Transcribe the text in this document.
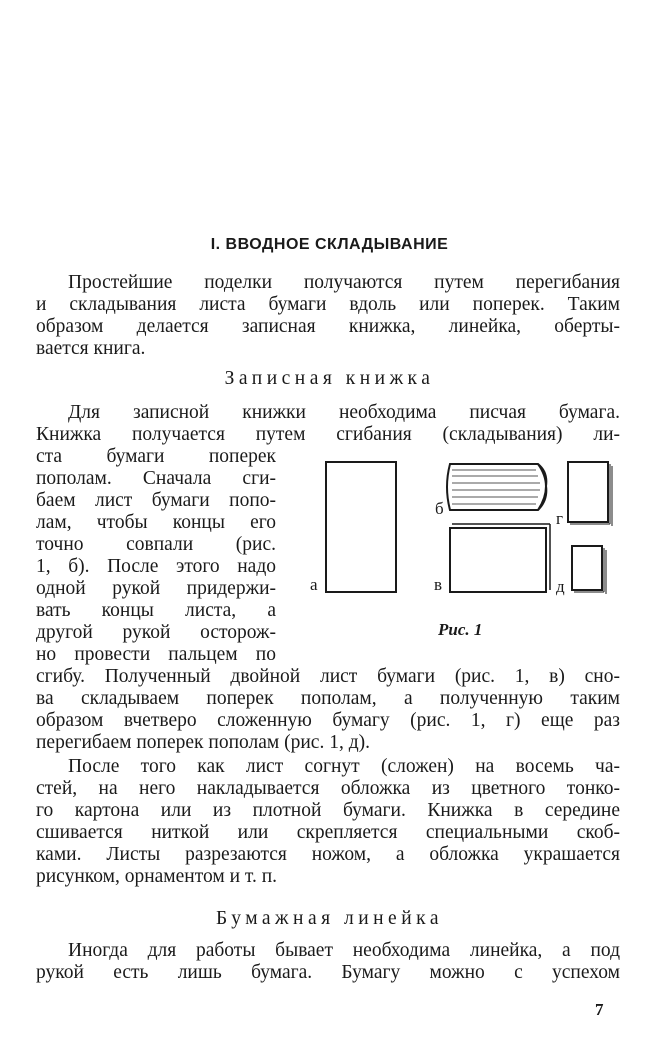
I. ВВОДНОЕ СКЛАДЫВАНИЕ
Простейшие поделки получаются путем перегибания
и складывания листа бумаги вдоль или поперек. Таким
образом делается записная книжка, линейка, оберты-
вается книга.
Записная книжка
Для записной книжки необходима писчая бумага.
Книжка получается путем сгибания (складывания) ли-
ста бумаги поперек
пополам. Сначала сги-
баем лист бумаги попо-
лам, чтобы концы его
точно совпали (рис.
1, б). После этого надо
одной рукой придержи-
вать концы листа, а
другой рукой осторож-
но провести пальцем по
сгибу. Полученный двойной лист бумаги (рис. 1, в) сно-
ва складываем поперек пополам, а полученную таким
образом вчетверо сложенную бумагу (рис. 1, г) еще раз
перегибаем поперек пополам (рис. 1, д).
а
б
в
г
д
Рис. 1
После того как лист согнут (сложен) на восемь ча-
стей, на него накладывается обложка из цветного тонко-
го картона или из плотной бумаги. Книжка в середине
сшивается ниткой или скрепляется специальными скоб-
ками. Листы разрезаются ножом, а обложка украшается
рисунком, орнаментом и т. п.
Бумажная линейка
Иногда для работы бывает необходима линейка, а под
рукой есть лишь бумага. Бумагу можно с успехом
7
